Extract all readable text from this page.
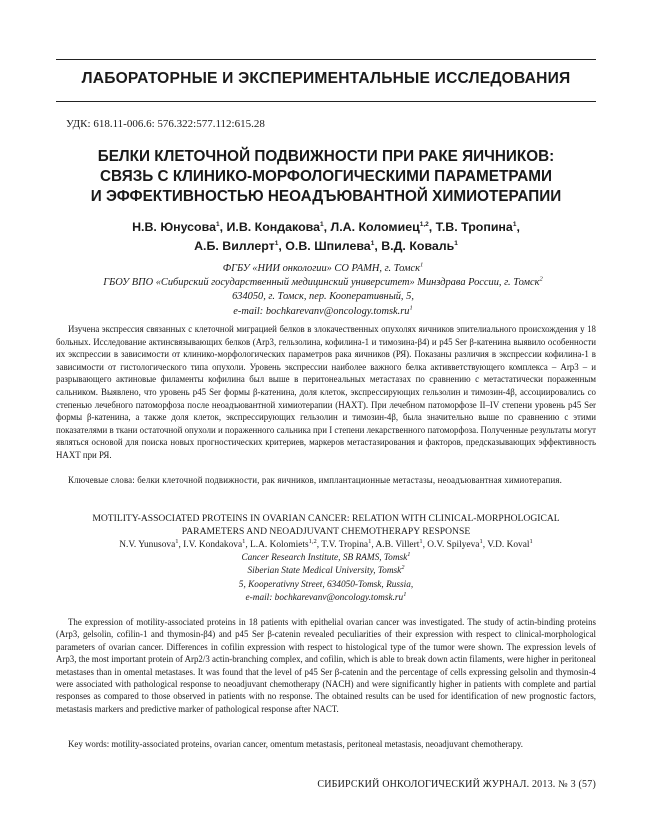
ЛАБОРАТОРНЫЕ И ЭКСПЕРИМЕНТАЛЬНЫЕ ИССЛЕДОВАНИЯ
УДК: 618.11-006.6: 576.322:577.112:615.28
БЕЛКИ КЛЕТОЧНОЙ ПОДВИЖНОСТИ ПРИ РАКЕ ЯИЧНИКОВ:
СВЯЗЬ С КЛИНИКО-МОРФОЛОГИЧЕСКИМИ ПАРАМЕТРАМИ
И ЭФФЕКТИВНОСТЬЮ НЕОАДЪЮВАНТНОЙ ХИМИОТЕРАПИИ
Н.В. Юнусова$^1$, И.В. Кондакова$^1$, Л.А. Коломиец$^{1,2}$, Т.В. Тропина$^1$,
А.Б. Виллерт$^1$, О.В. Шпилева$^1$, В.Д. Коваль$^1$
ФГБУ «НИИ онкологии» СО РАМН, г. Томск$^1$
ГБОУ ВПО «Сибирский государственный медицинский университет» Минздрава России, г. Томск$^2$
634050, г. Томск, пер. Кооперативный, 5,
e-mail: $bochkarevanv@oncology.tomsk.ru^1$
Изучена экспрессия связанных с клеточной миграцией белков в злокачественных опухолях яичников эпителиального происхождения у 18 больных. Исследование актинсвязывающих белков (Arp3, гельзолина, кофилина-1 и тимозина-β4) и p45 Ser β-катенина выявило особенности их экспрессии в зависимости от клинико-морфологических параметров рака яичников (РЯ). Показаны различия в экспрессии кофилина-1 в зависимости от гистологического типа опухоли. Уровень экспрессии наиболее важного белка активветствующего комплекса – Arp3 – и разрывающего актиновые филаменты кофилина был выше в перитонеальных метастазах по сравнению с метастатически пораженным сальником. Выявлено, что уровень p45 Ser формы β-катенина, доля клеток, экспрессирующих гельзолин и тимозин-4β, ассоциировались со степенью лечебного патоморфоза после неоадъювантной химиотерапии (НАХТ). При лечебном патоморфозе II–IV степени уровень p45 Ser формы β-катенина, а также доля клеток, экспрессирующих гельзолин и тимозин-4β, была значительно выше по сравнению с этими показателями в ткани остаточной опухоли и пораженного сальника при I степени лекарственного патоморфоза. Полученные результаты могут являться основой для поиска новых прогностических критериев, маркеров метастазирования и факторов, предсказывающих эффективность НАХТ при РЯ.
Ключевые слова: белки клеточной подвижности, рак яичников, имплантационные метастазы, неоадъювантная химиотерапия.
MOTILITY-ASSOCIATED PROTEINS IN OVARIAN CANCER: RELATION WITH CLINICAL-MORPHOLOGICAL
PARAMETERS AND NEOADJUVANT CHEMOTHERAPY RESPONSE
N.V. Yunusova$^1$, I.V. Kondakova$^1$, L.A. Kolomiets$^{1,2}$, T.V. Tropina$^1$, A.B. Villert$^1$, O.V. Spilyeva$^1$, V.D. Koval$^1$
Cancer Research Institute, SB RAMS, Tomsk$^1$
Siberian State Medical University, Tomsk$^2$
5, Kooperativny Street, 634050-Tomsk, Russia,
e-mail: $bochkarevanv@oncology.tomsk.ru^1$
The expression of motility-associated proteins in 18 patients with epithelial ovarian cancer was investigated. The study of actin-binding proteins (Arp3, gelsolin, cofilin-1 and thymosin-β4) and p45 Ser β-catenin revealed peculiarities of their expression with respect to clinical-morphological parameters of ovarian cancer. Differences in cofilin expression with respect to histological type of the tumor were shown. The expression levels of Arp3, the most important protein of Arp2/3 actin-branching complex, and cofilin, which is able to break down actin filaments, were higher in peritoneal metastases than in omental metastases. It was found that the level of p45 Ser β-catenin and the percentage of cells expressing gelsolin and thymosin-4 were associated with pathological response to neoadjuvant chemotherapy (NACH) and were significantly higher in patients with complete and partial responses as compared to those observed in patients with no response. The obtained results can be used for identification of new prognostic factors, metastasis markers and predictive marker of pathological response after NACT.
Key words: motility-associated proteins, ovarian cancer, omentum metastasis, peritoneal metastasis, neoadjuvant chemotherapy.
СИБИРСКИЙ ОНКОЛОГИЧЕСКИЙ ЖУРНАЛ. 2013. № 3 (57)
